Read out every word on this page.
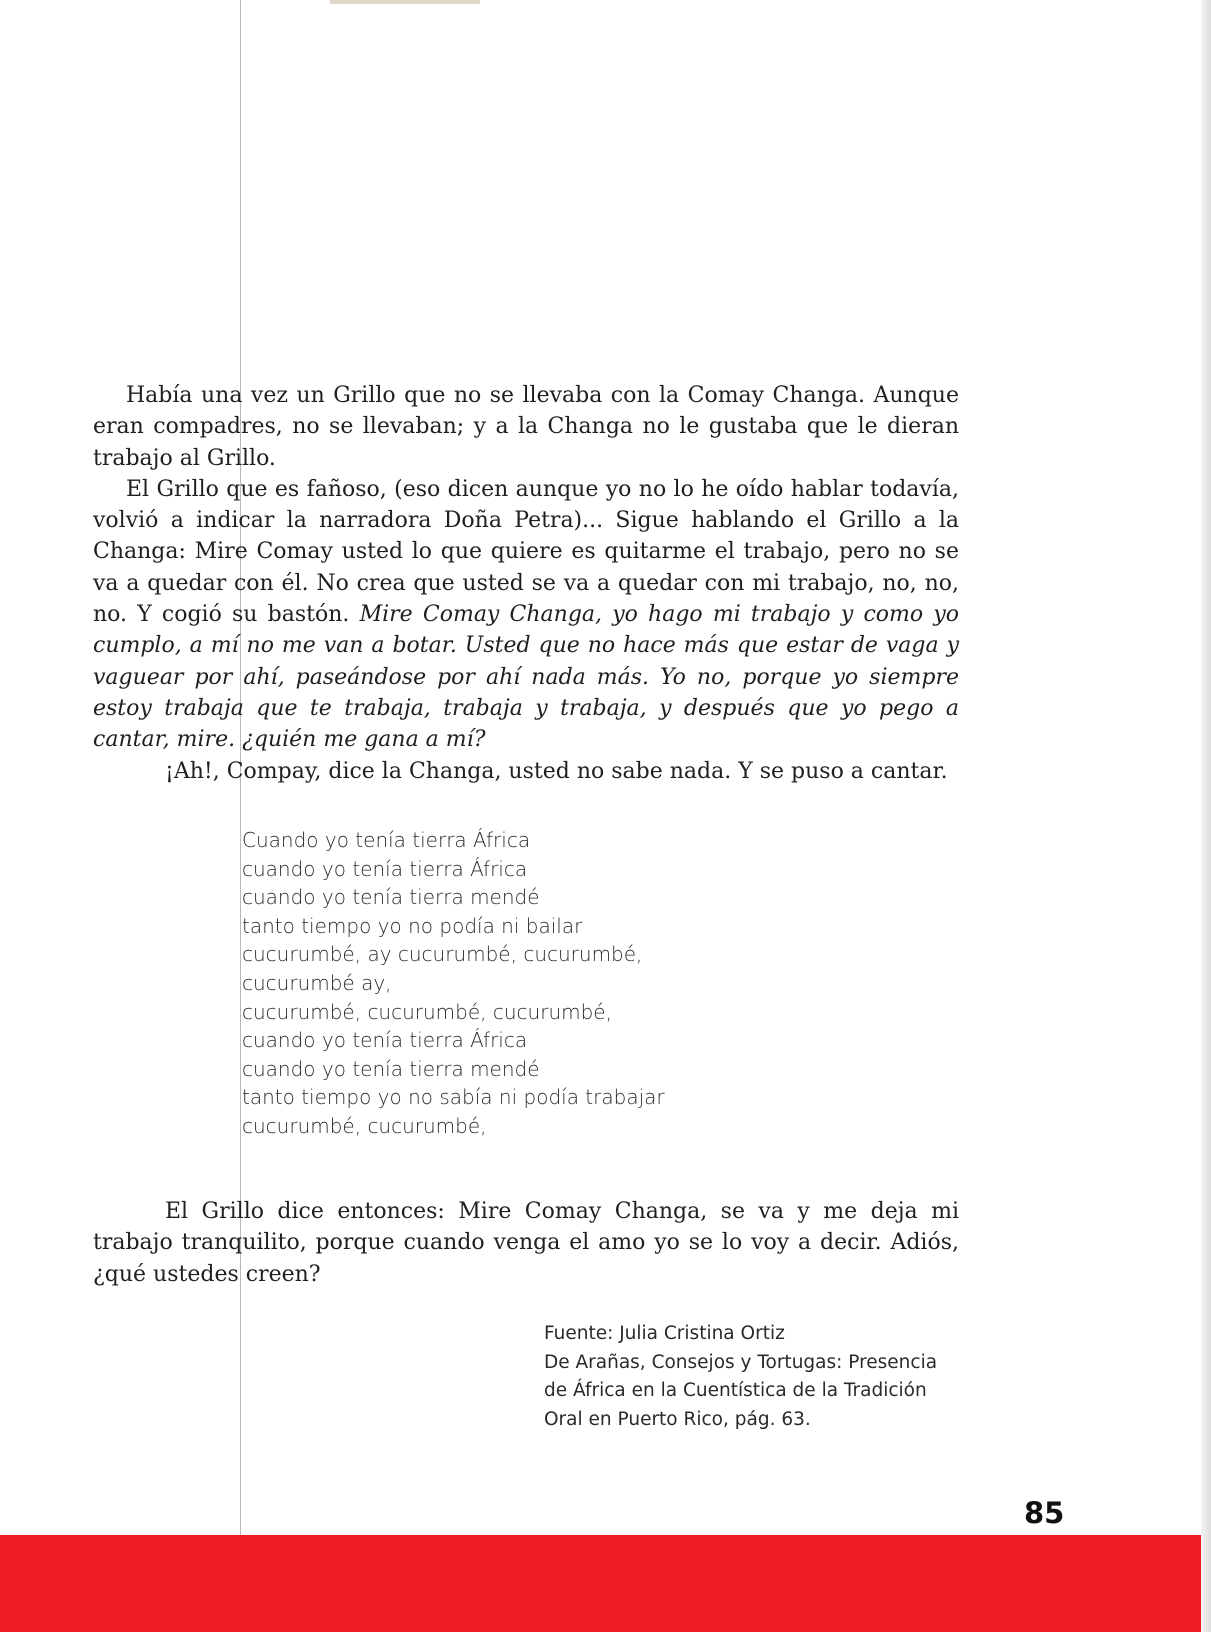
Había una vez un Grillo que no se llevaba con la Comay Changa. Aunque eran compadres, no se llevaban; y a la Changa no le gustaba que le dieran trabajo al Grillo.

El Grillo que es fañoso, (eso dicen aunque yo no lo he oído hablar todavía, volvió a indicar la narradora Doña Petra)... Sigue hablando el Grillo a la Changa: Mire Comay usted lo que quiere es quitarme el trabajo, pero no se va a quedar con él. No crea que usted se va a quedar con mi trabajo, no, no, no. Y cogió su bastón. Mire Comay Changa, yo hago mi trabajo y como yo cumplo, a mí no me van a botar. Usted que no hace más que estar de vaga y vaguear por ahí, paseándose por ahí nada más. Yo no, porque yo siempre estoy trabaja que te trabaja, trabaja y trabaja, y después que yo pego a cantar, mire. ¿quién me gana a mí?

¡Ah!, Compay, dice la Changa, usted no sabe nada. Y se puso a cantar.

Cuando yo tenía tierra África
cuando yo tenía tierra África
cuando yo tenía tierra mendé
tanto tiempo yo no podía ni bailar
cucurumbé, ay cucurumbé, cucurumbé,
cucurumbé ay,
cucurumbé, cucurumbé, cucurumbé,
cuando yo tenía tierra África
cuando yo tenía tierra mendé
tanto tiempo yo no sabía ni podía trabajar
cucurumbé, cucurumbé,

El Grillo dice entonces: Mire Comay Changa, se va y me deja mi trabajo tranquilito, porque cuando venga el amo yo se lo voy a decir. Adiós, ¿qué ustedes creen?

Fuente: Julia Cristina Ortiz
De Arañas, Consejos y Tortugas: Presencia
de África en la Cuentística de la Tradición
Oral en Puerto Rico, pág. 63.
85
